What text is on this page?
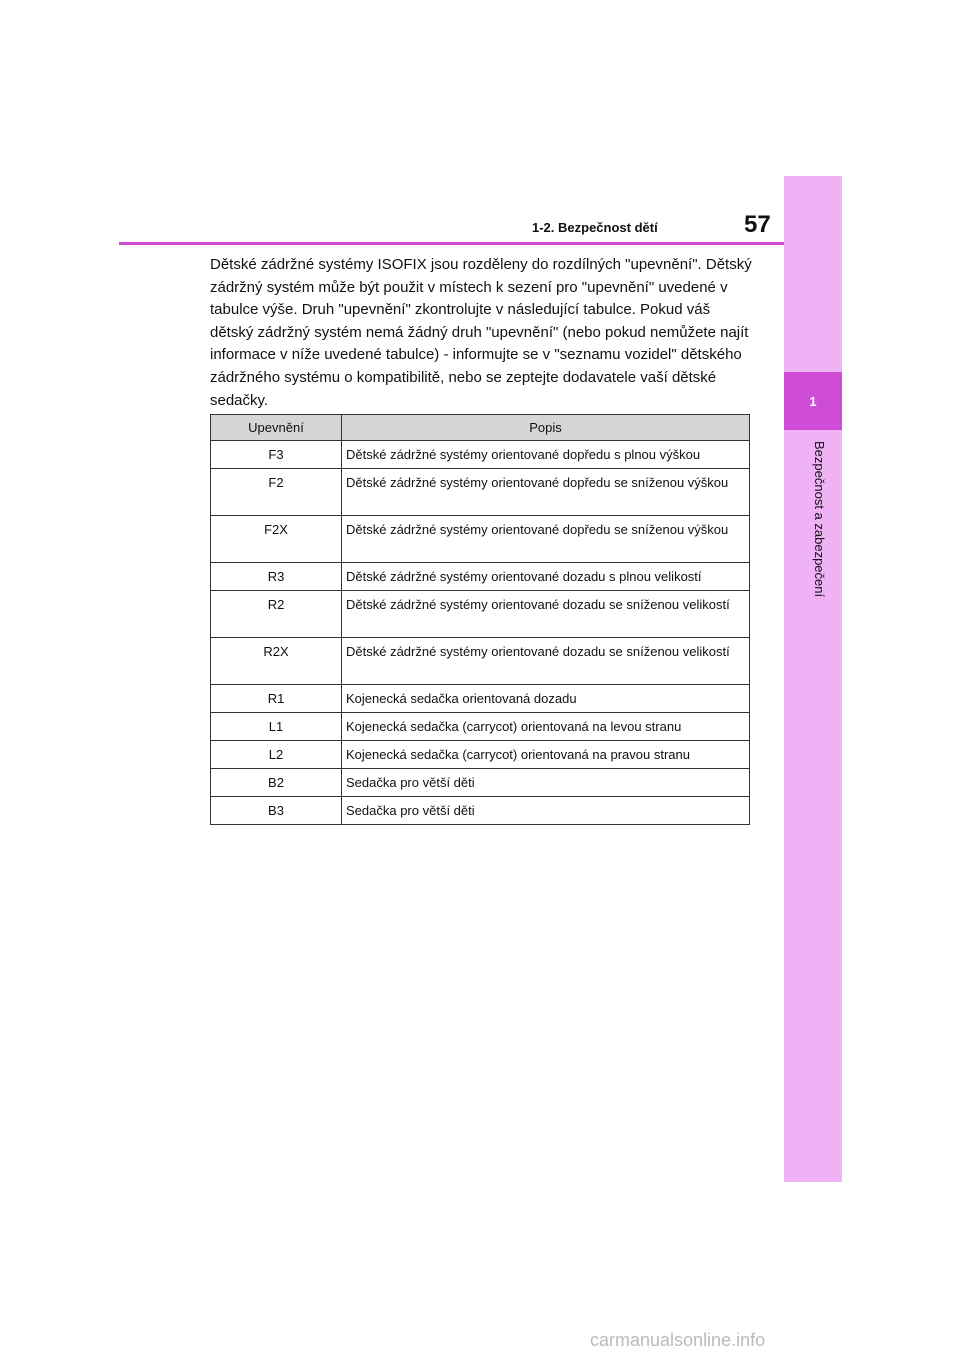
1
Bezpečnost a zabezpečení
1-2. Bezpečnost dětí	57

Dětské zádržné systémy ISOFIX jsou rozděleny do rozdílných "upevnění". Dětský zádržný systém může být použit v místech k sezení pro "upevnění" uvedené v tabulce výše. Druh "upevnění" zkontrolujte v následující tabulce. Pokud váš dětský zádržný systém nemá žádný druh "upevnění" (nebo pokud nemůžete najít informace v níže uvedené tabulce) - informujte se v "seznamu vozidel" dětského zádržného systému o kompatibilitě, nebo se zeptejte dodavatele vaší dětské sedačky.

Upevnění	Popis
F3	Dětské zádržné systémy orientované dopředu s plnou výškou
F2	Dětské zádržné systémy orientované dopředu se sníženou výškou
F2X	Dětské zádržné systémy orientované dopředu se sníženou výškou
R3	Dětské zádržné systémy orientované dozadu s plnou velikostí
R2	Dětské zádržné systémy orientované dozadu se sníženou velikostí
R2X	Dětské zádržné systémy orientované dozadu se sníženou velikostí
R1	Kojenecká sedačka orientovaná dozadu
L1	Kojenecká sedačka (carrycot) orientovaná na levou stranu
L2	Kojenecká sedačka (carrycot) orientovaná na pravou stranu
B2	Sedačka pro větší děti
B3	Sedačka pro větší děti
carmanualsonline.info
